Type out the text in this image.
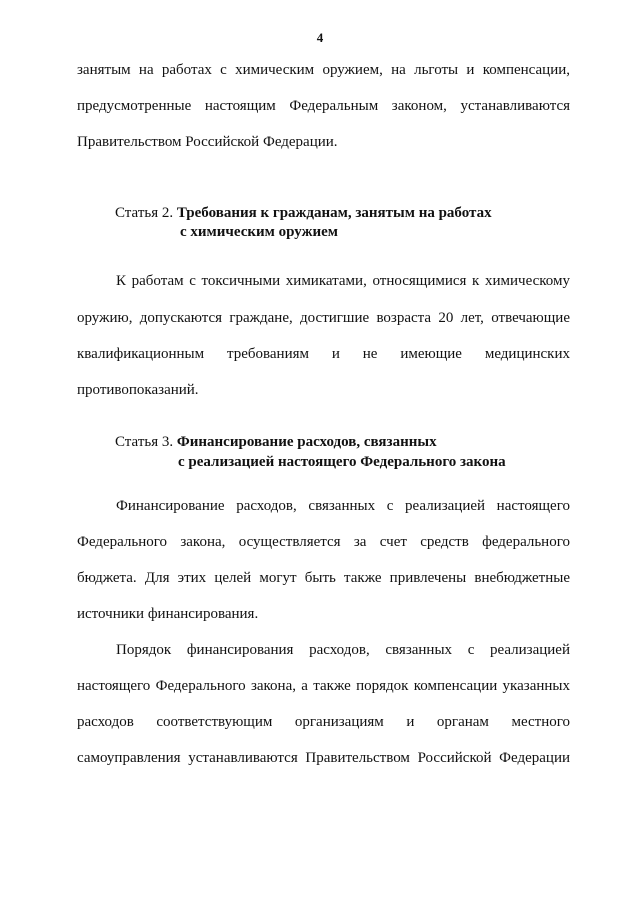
4

занятым на работах с химическим оружием, на льготы и компенсации,

предусмотренные настоящим Федеральным законом, устанавливаются

Правительством Российской Федерации.

Статья 2. Требования к гражданам, занятым на работах
с химическим оружием

К работам с токсичными химикатами, относящимися к химическому

оружию, допускаются граждане, достигшие возраста 20 лет, отвечающие

квалификационным требованиям и не имеющие медицинских

противопоказаний.

Статья 3. Финансирование расходов, связанных
с реализацией настоящего Федерального закона

Финансирование расходов, связанных с реализацией настоящего

Федерального закона, осуществляется за счет средств федерального

бюджета. Для этих целей могут быть также привлечены внебюджетные

источники финансирования.

Порядок финансирования расходов, связанных с реализацией

настоящего Федерального закона, а также порядок компенсации указанных

расходов соответствующим организациям и органам местного

самоуправления устанавливаются Правительством Российской Федерации
